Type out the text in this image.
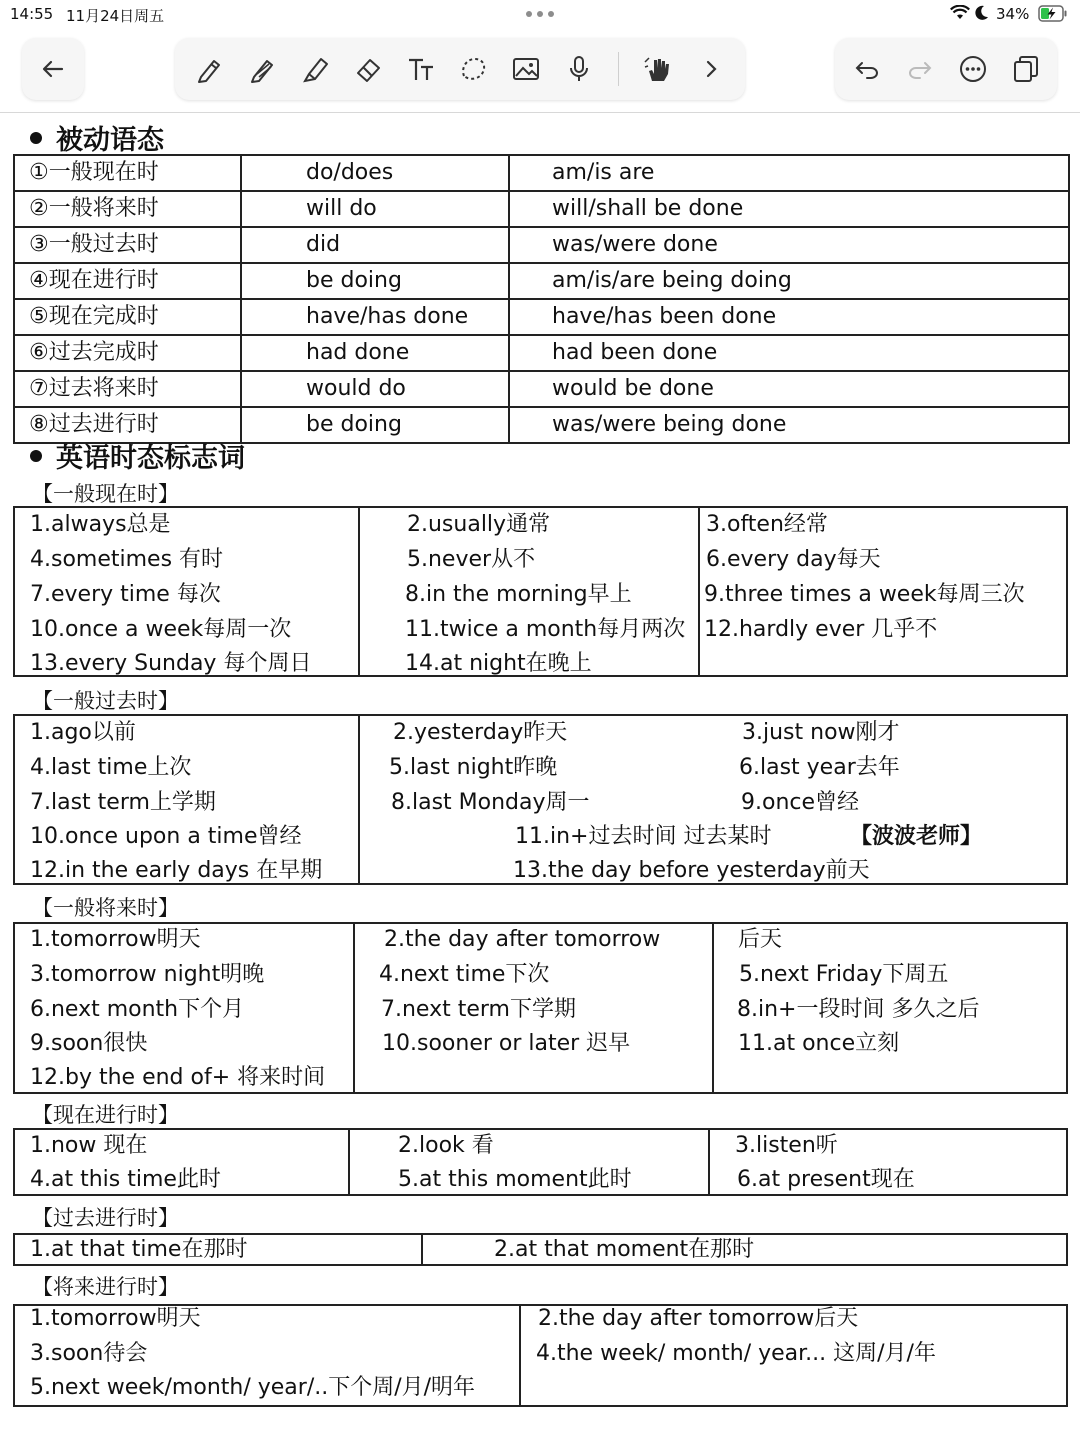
14:55 11月24日周五	34%
被动语态
①一般现在时	do/does	am/is are
②一般将来时	will do	will/shall be done
③一般过去时	did	was/were done
④现在进行时	be doing	am/is/are being doing
⑤现在完成时	have/has done	have/has been done
⑥过去完成时	had done	had been done
⑦过去将来时	would do	would be done
⑧过去进行时	be doing	was/were being done
英语时态标志词
【一般现在时】
1.always总是	2.usually通常	3.often经常
4.sometimes 有时	5.never从不	6.every day每天
7.every time 每次	8.in the morning早上	9.three times a week每周三次
10.once a week每周一次	11.twice a month每月两次 12.hardly ever 几乎不
13.every Sunday 每个周日	14.at night在晚上
【一般过去时】
1.ago以前	2.yesterday昨天	3.just now刚才
4.last time上次	5.last night昨晚	6.last year去年
7.last term上学期	8.last Monday周一	9.once曾经
10.once upon a time曾经	11.in+过去时间 过去某时	【波波老师】
12.in the early days 在早期	13.the day before yesterday前天
【一般将来时】
1.tomorrow明天	2.the day after tomorrow	后天
3.tomorrow night明晚	4.next time下次	5.next Friday下周五
6.next month下个月	7.next term下学期	8.in+一段时间 多久之后
9.soon很快	10.sooner or later 迟早	11.at once立刻
12.by the end of+ 将来时间
【现在进行时】
1.now 现在	2.look 看	3.listen听
4.at this time此时	5.at this moment此时	6.at present现在
【过去进行时】
1.at that time在那时	2.at that moment在那时
【将来进行时】
1.tomorrow明天	2.the day after tomorrow后天
3.soon待会	4.the week/ month/ year... 这周/月/年
5.next week/month/ year/..下个周/月/明年
